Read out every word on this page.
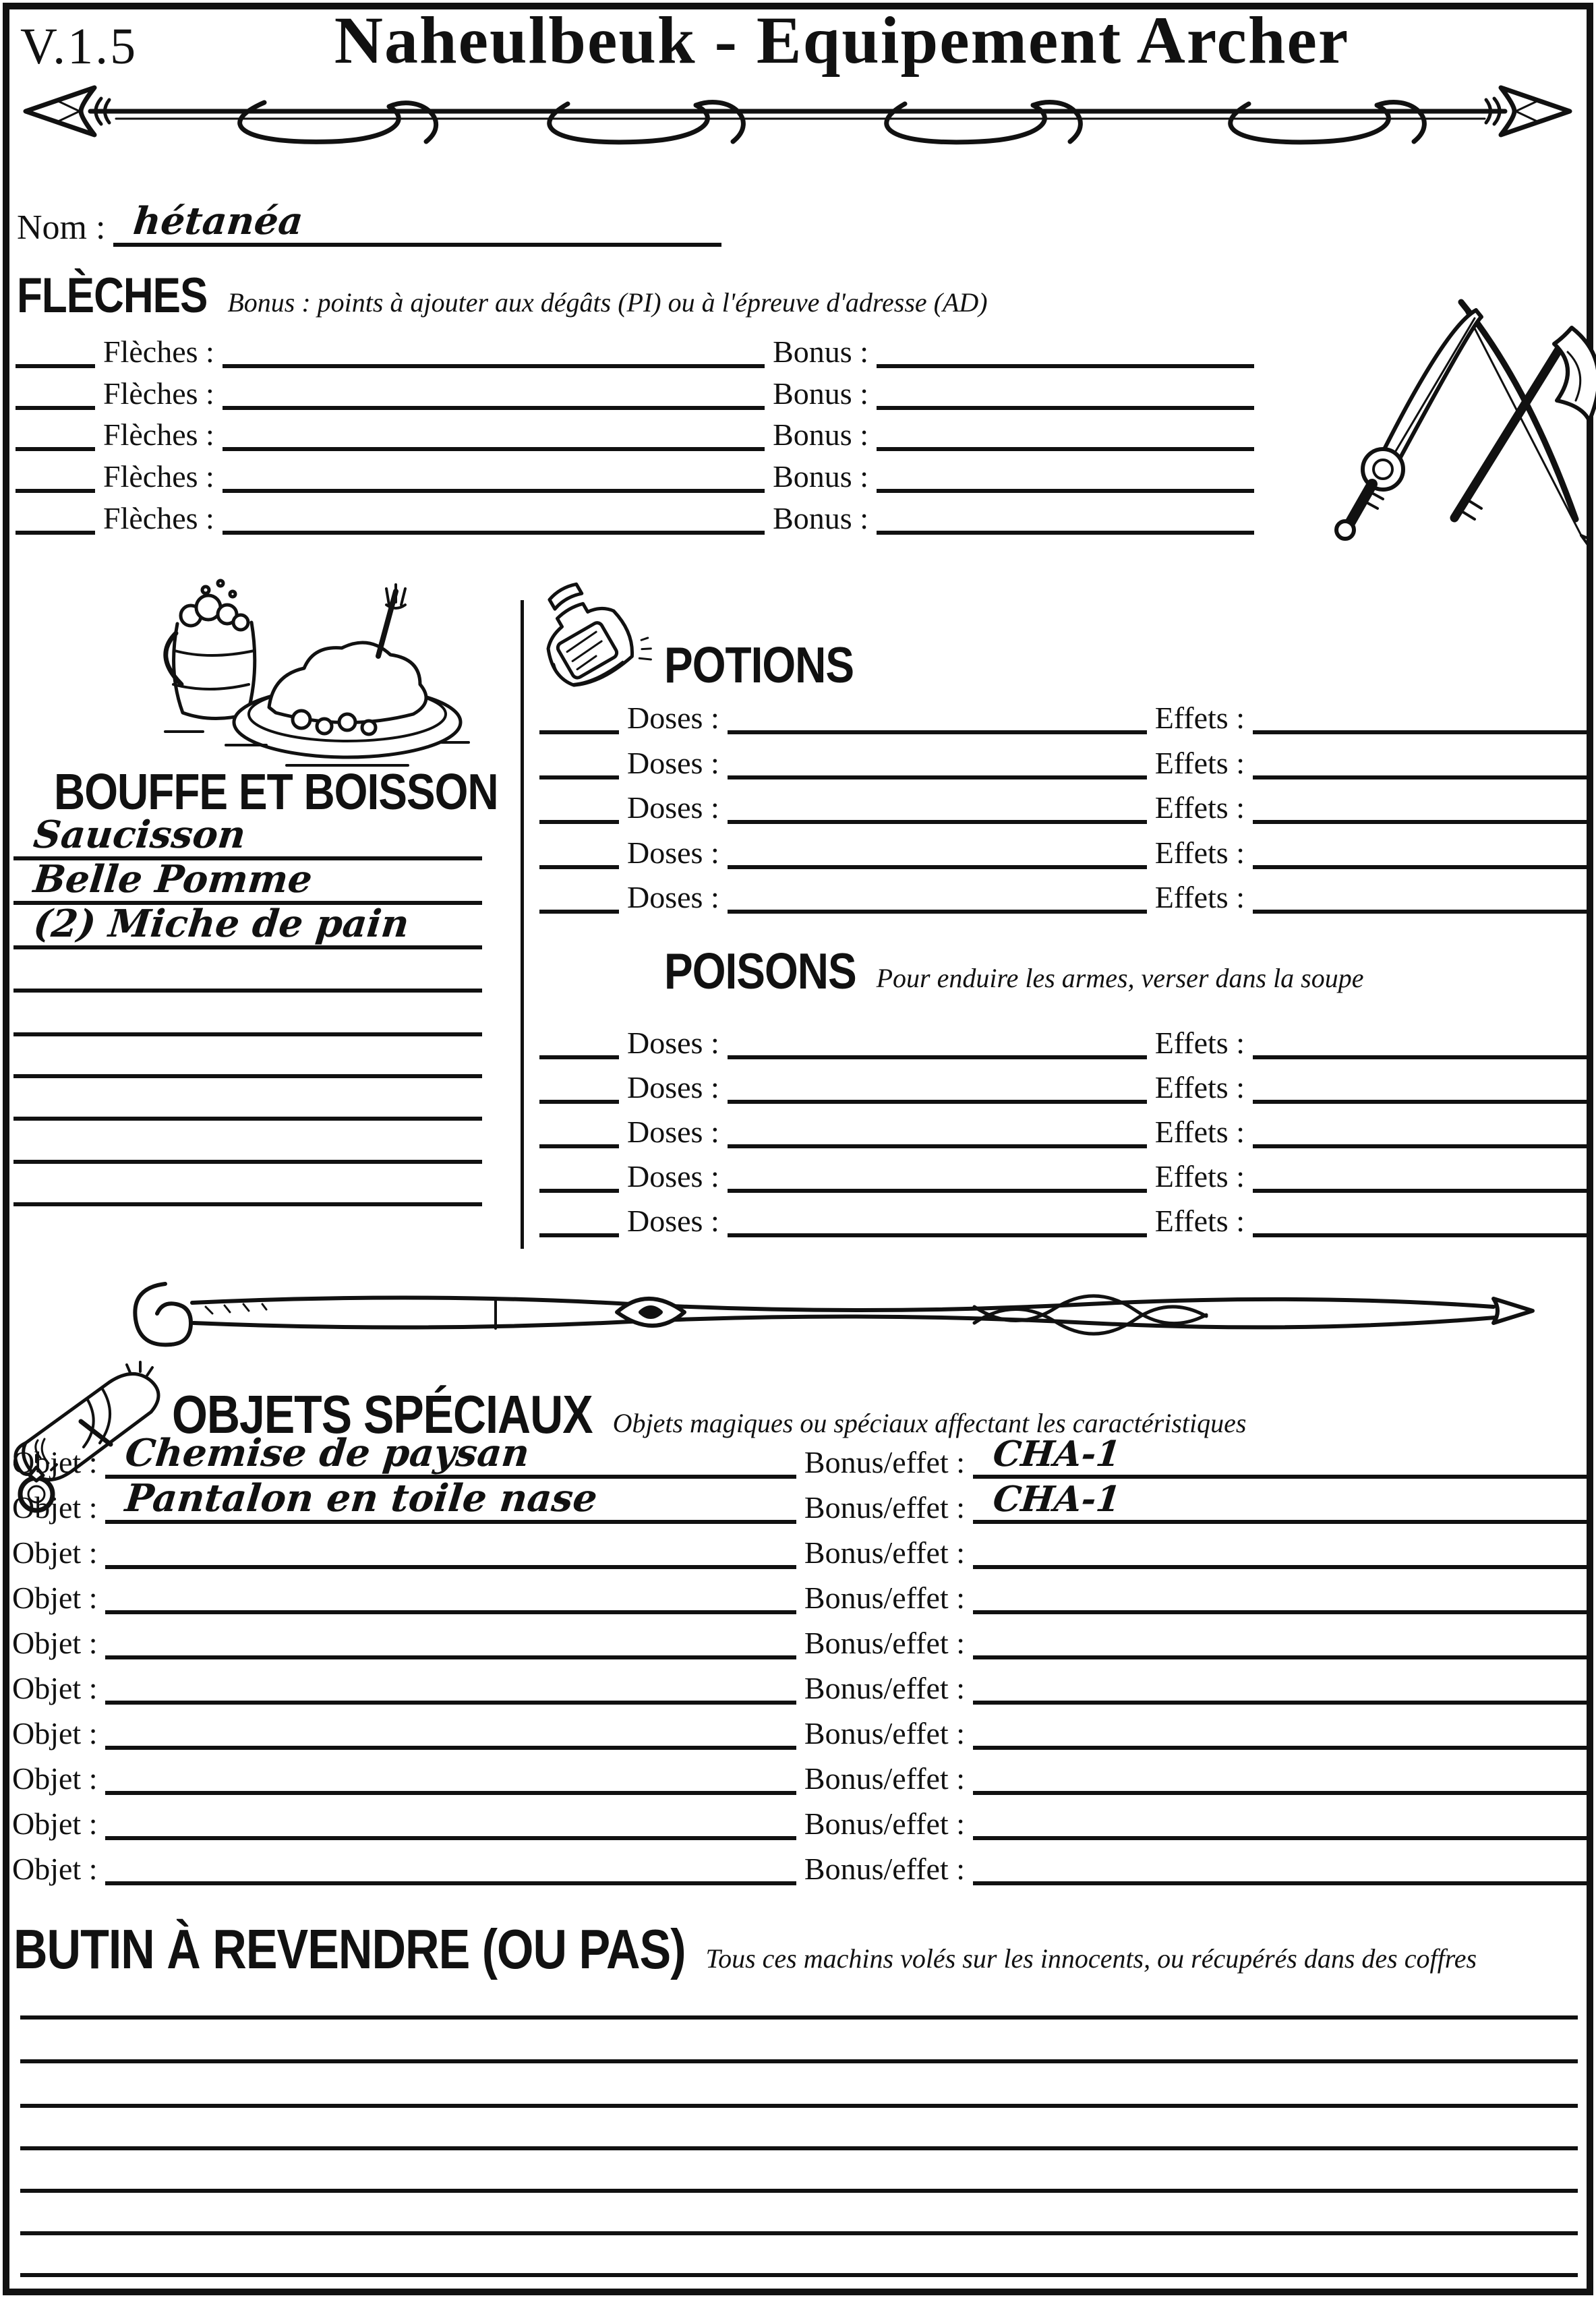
V.1.5	Naheulbeuk - Equipement Archer
Nom : hétanéa
FLÈCHES Bonus : points à ajouter aux dégâts (PI) ou à l'épreuve d'adresse (AD)
Flèches :	Bonus :
Flèches :	Bonus :
Flèches :	Bonus :
Flèches :	Bonus :
Flèches :	Bonus :
BOUFFE ET BOISSON
Saucisson
Belle Pomme
(2) Miche de pain
POTIONS
Doses :	Effets :
Doses :	Effets :
Doses :	Effets :
Doses :	Effets :
Doses :	Effets :
POISONS Pour enduire les armes, verser dans la soupe
Doses :	Effets :
Doses :	Effets :
Doses :	Effets :
Doses :	Effets :
Doses :	Effets :
OBJETS SPÉCIAUX Objets magiques ou spéciaux affectant les caractéristiques
Objet : Chemise de paysan	Bonus/effet : CHA-1
Objet : Pantalon en toile nase	Bonus/effet : CHA-1
Objet :	Bonus/effet :
Objet :	Bonus/effet :
Objet :	Bonus/effet :
Objet :	Bonus/effet :
Objet :	Bonus/effet :
Objet :	Bonus/effet :
Objet :	Bonus/effet :
Objet :	Bonus/effet :
BUTIN À REVENDRE (OU PAS) Tous ces machins volés sur les innocents, ou récupérés dans des coffres
